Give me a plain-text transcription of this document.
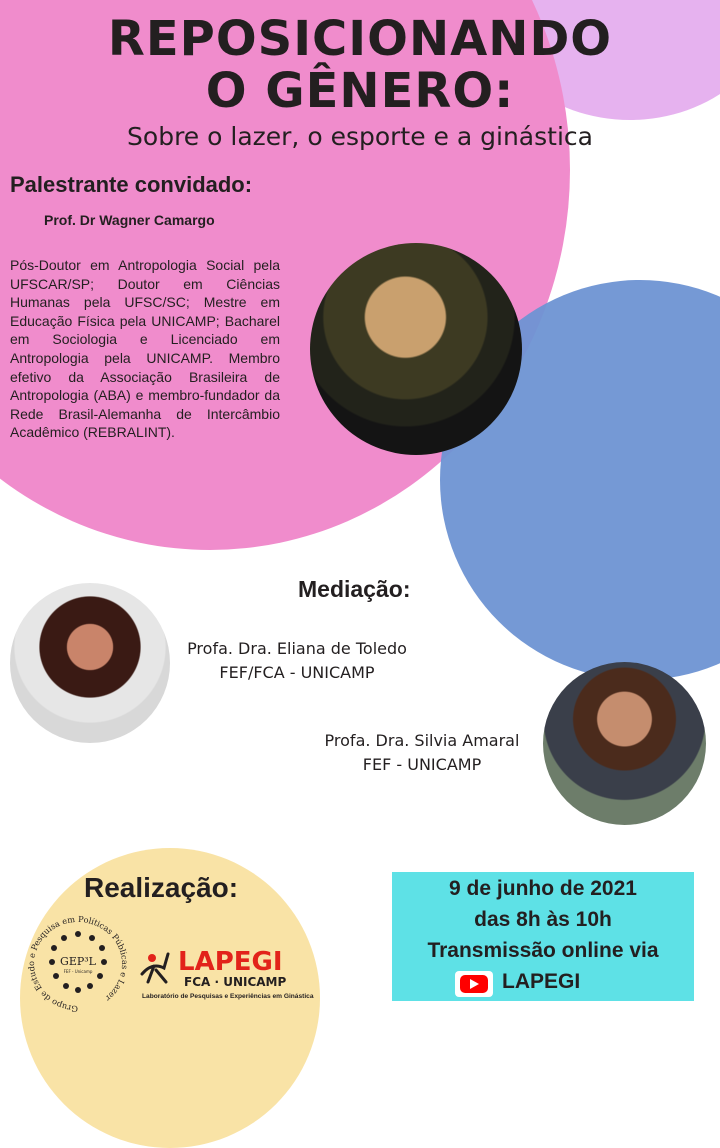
REPOSICIONANDO
O GÊNERO:
Sobre o lazer, o esporte e a ginástica
Palestrante convidado:
Prof. Dr Wagner Camargo
Pós-Doutor em Antropologia Social pela UFSCAR/SP; Doutor em Ciências Humanas pela UFSC/SC; Mestre em Educação Física pela UNICAMP; Bacharel em Sociologia e Licenciado em Antropologia pela UNICAMP. Membro efetivo da Associação Brasileira de Antropologia (ABA) e membro-fundador da Rede Brasil-Alemanha de Intercâmbio Acadêmico (REBRALINT).
Mediação:
Profa. Dra. Eliana de Toledo
FEF/FCA - UNICAMP
Profa. Dra. Silvia Amaral
FEF - UNICAMP
Realização:
Grupo de Estudo e Pesquisa em Políticas Públicas e Lazer
GEP³L
FEF - Unicamp	LAPEGI
FCA · UNICAMP
Laboratório de Pesquisas e Experiências em Ginástica
9 de junho de 2021
das 8h às 10h
Transmissão online via
LAPEGI
